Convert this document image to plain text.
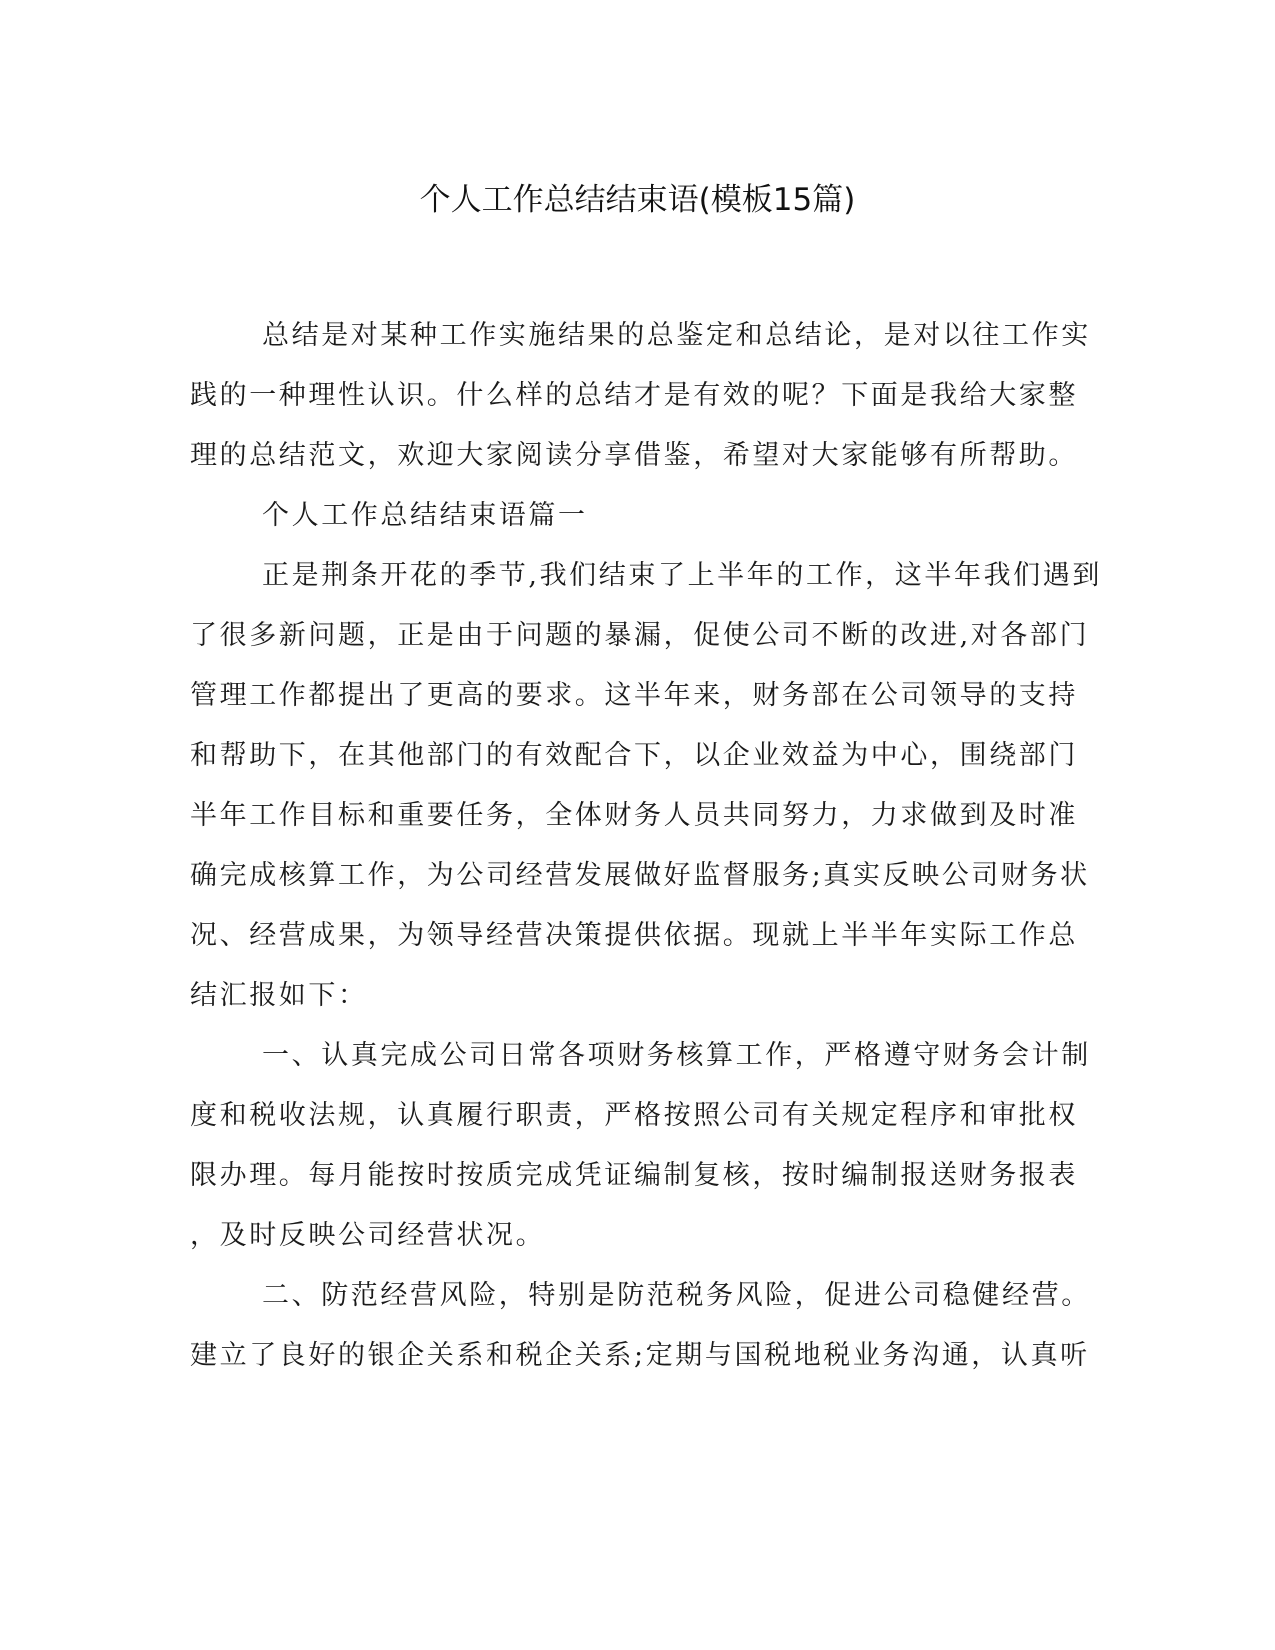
个人工作总结结束语(模板15篇)
总结是对某种工作实施结果的总鉴定和总结论，是对以往工作实
践的一种理性认识。什么样的总结才是有效的呢？下面是我给大家整
理的总结范文，欢迎大家阅读分享借鉴，希望对大家能够有所帮助。
个人工作总结结束语篇一
正是荆条开花的季节,我们结束了上半年的工作，这半年我们遇到
了很多新问题，正是由于问题的暴漏，促使公司不断的改进,对各部门
管理工作都提出了更高的要求。这半年来，财务部在公司领导的支持
和帮助下，在其他部门的有效配合下，以企业效益为中心，围绕部门
半年工作目标和重要任务，全体财务人员共同努力，力求做到及时准
确完成核算工作，为公司经营发展做好监督服务;真实反映公司财务状
况、经营成果，为领导经营决策提供依据。现就上半半年实际工作总
结汇报如下：
一、认真完成公司日常各项财务核算工作，严格遵守财务会计制
度和税收法规，认真履行职责，严格按照公司有关规定程序和审批权
限办理。每月能按时按质完成凭证编制复核，按时编制报送财务报表
，及时反映公司经营状况。
二、防范经营风险，特别是防范税务风险，促进公司稳健经营。
建立了良好的银企关系和税企关系;定期与国税地税业务沟通，认真听
